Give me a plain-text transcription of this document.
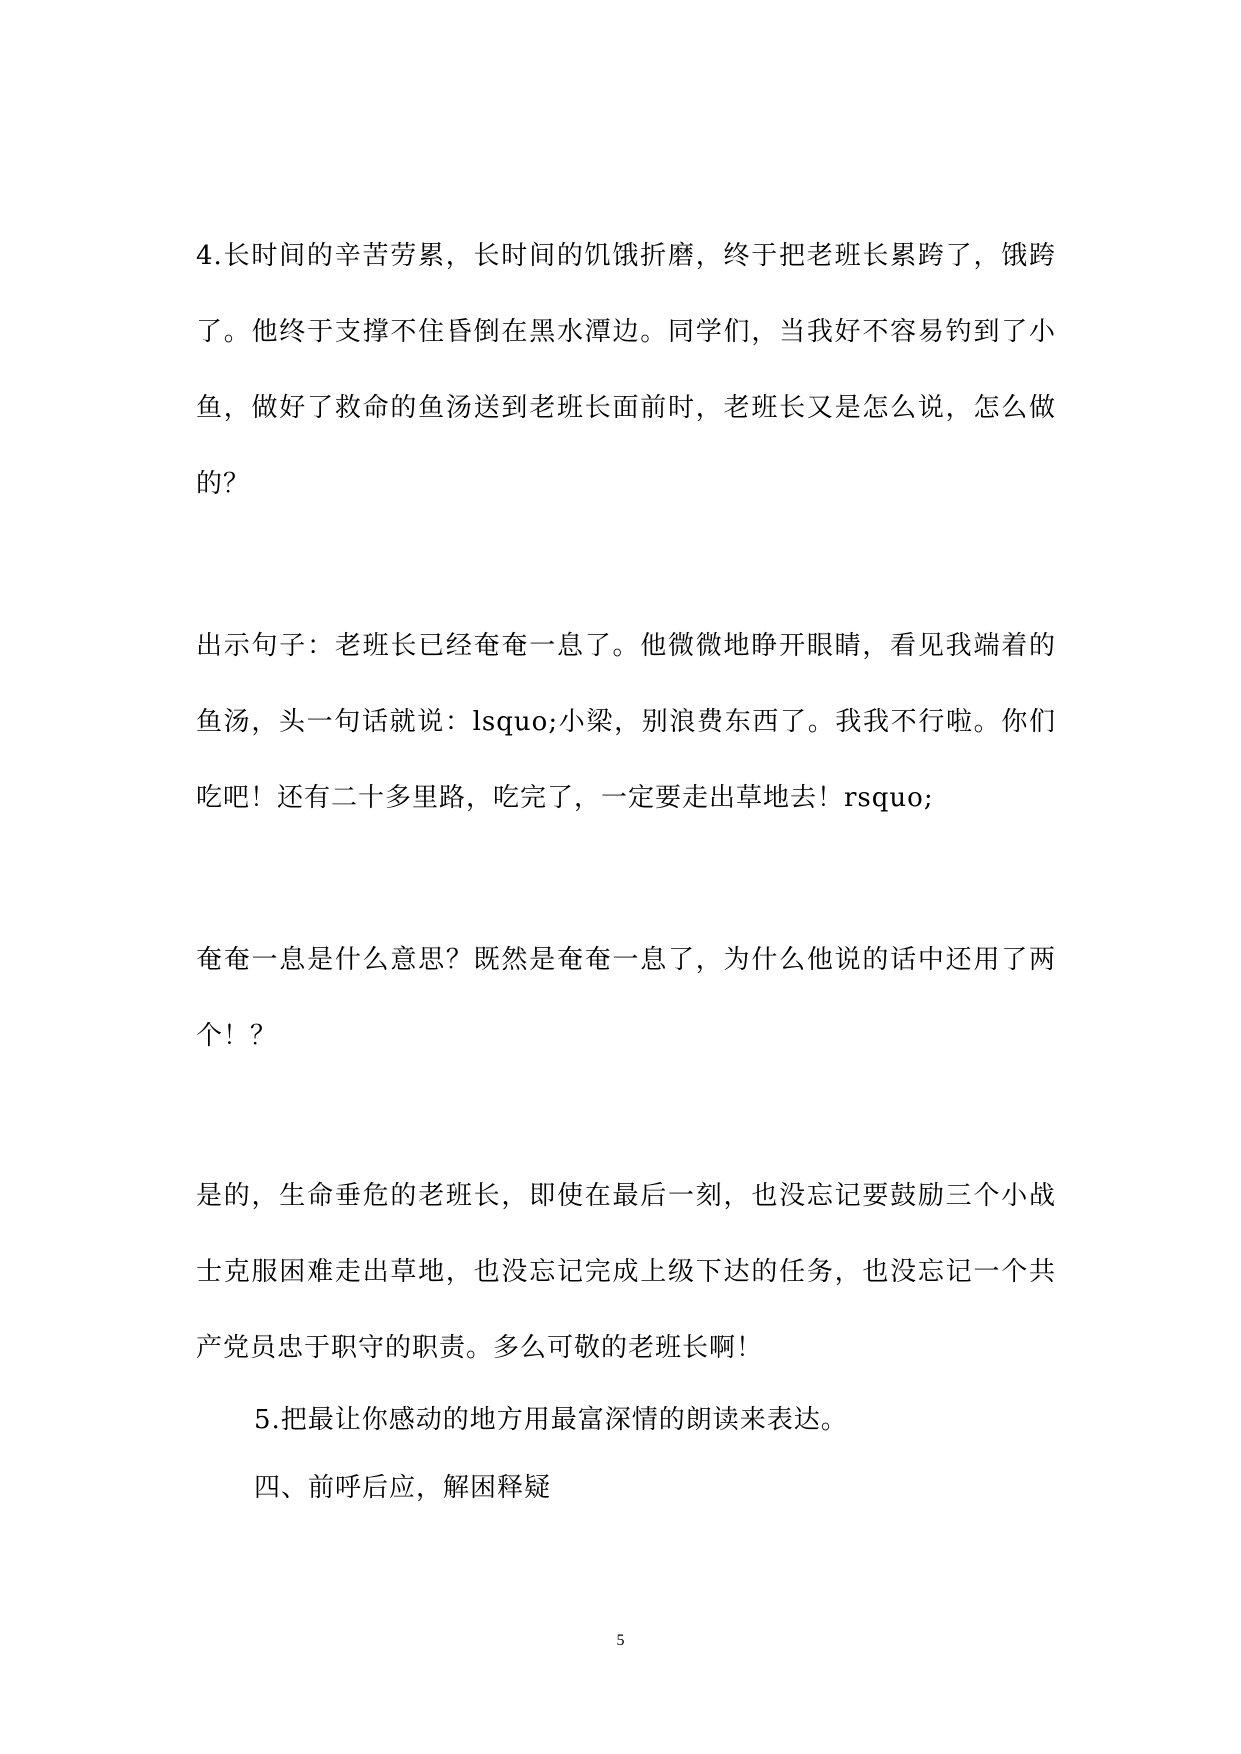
4.长时间的辛苦劳累，长时间的饥饿折磨，终于把老班长累跨了，饿跨了。他终于支撑不住昏倒在黑水潭边。同学们，当我好不容易钓到了小鱼，做好了救命的鱼汤送到老班长面前时，老班长又是怎么说，怎么做的？

出示句子：老班长已经奄奄一息了。他微微地睁开眼睛，看见我端着的鱼汤，头一句话就说：lsquo;小梁，别浪费东西了。我我不行啦。你们吃吧！还有二十多里路，吃完了，一定要走出草地去！rsquo;

奄奄一息是什么意思？既然是奄奄一息了，为什么他说的话中还用了两个！？

是的，生命垂危的老班长，即使在最后一刻，也没忘记要鼓励三个小战士克服困难走出草地，也没忘记完成上级下达的任务，也没忘记一个共产党员忠于职守的职责。多么可敬的老班长啊！

5.把最让你感动的地方用最富深情的朗读来表达。

四、前呼后应，解困释疑

5
